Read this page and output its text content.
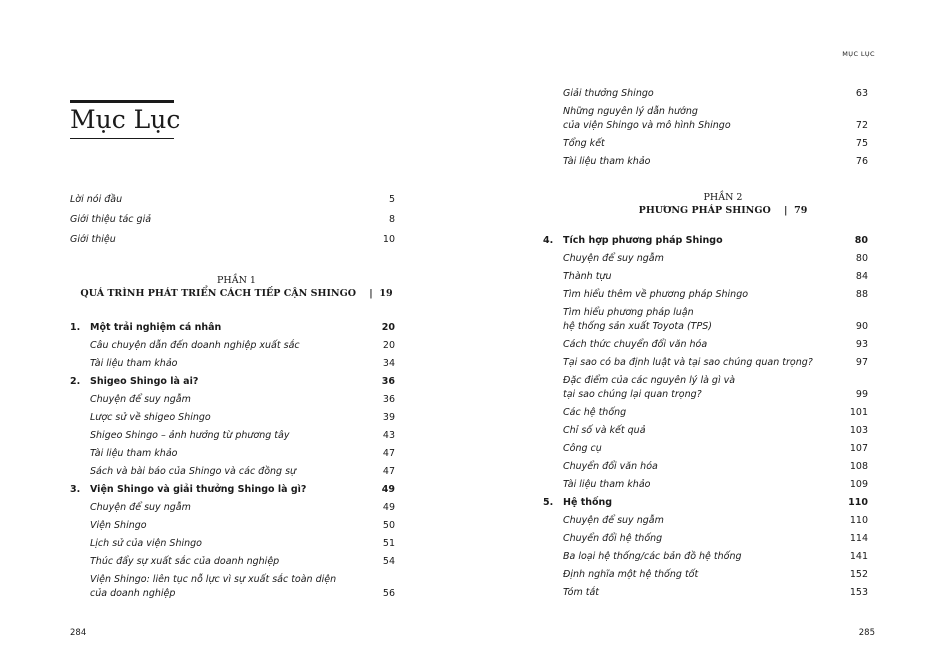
Mục Lục
Lời nói đầu	5
Giới thiệu tác giả	8
Giới thiệu	10
PHẦN 1
QUÁ TRÌNH PHÁT TRIỂN CÁCH TIẾP CẬN SHINGO | 19
1. Một trải nghiệm cá nhân	20
Câu chuyện dẫn đến doanh nghiệp xuất sắc	20
Tài liệu tham khảo	34
2. Shigeo Shingo là ai?	36
Chuyện để suy ngẫm	36
Lược sử về shigeo Shingo	39
Shigeo Shingo – ảnh hưởng từ phương tây	43
Tài liệu tham khảo	47
Sách và bài báo của Shingo và các đồng sự	47
3. Viện Shingo và giải thưởng Shingo là gì?	49
Chuyện để suy ngẫm	49
Viện Shingo	50
Lịch sử của viện Shingo	51
Thúc đẩy sự xuất sắc của doanh nghiệp	54
Viện Shingo: liên tục nỗ lực vì sự xuất sắc toàn diện
của doanh nghiệp	56
284
MỤC LỤC
Giải thưởng Shingo	63
Những nguyên lý dẫn hướng
của viện Shingo và mô hình Shingo	72
Tổng kết	75
Tài liệu tham khảo	76
PHẦN 2
PHƯƠNG PHÁP SHINGO | 79
4. Tích hợp phương pháp Shingo	80
Chuyện để suy ngẫm	80
Thành tựu	84
Tìm hiểu thêm về phương pháp Shingo	88
Tìm hiểu phương pháp luận
hệ thống sản xuất Toyota (TPS)	90
Cách thức chuyển đổi văn hóa	93
Tại sao có ba định luật và tại sao chúng quan trọng?	97
Đặc điểm của các nguyên lý là gì và
tại sao chúng lại quan trọng?	99
Các hệ thống	101
Chỉ số và kết quả	103
Công cụ	107
Chuyển đổi văn hóa	108
Tài liệu tham khảo	109
5. Hệ thống	110
Chuyện để suy ngẫm	110
Chuyển đổi hệ thống	114
Ba loại hệ thống/các bản đồ hệ thống	141
Định nghĩa một hệ thống tốt	152
Tóm tắt	153
285
